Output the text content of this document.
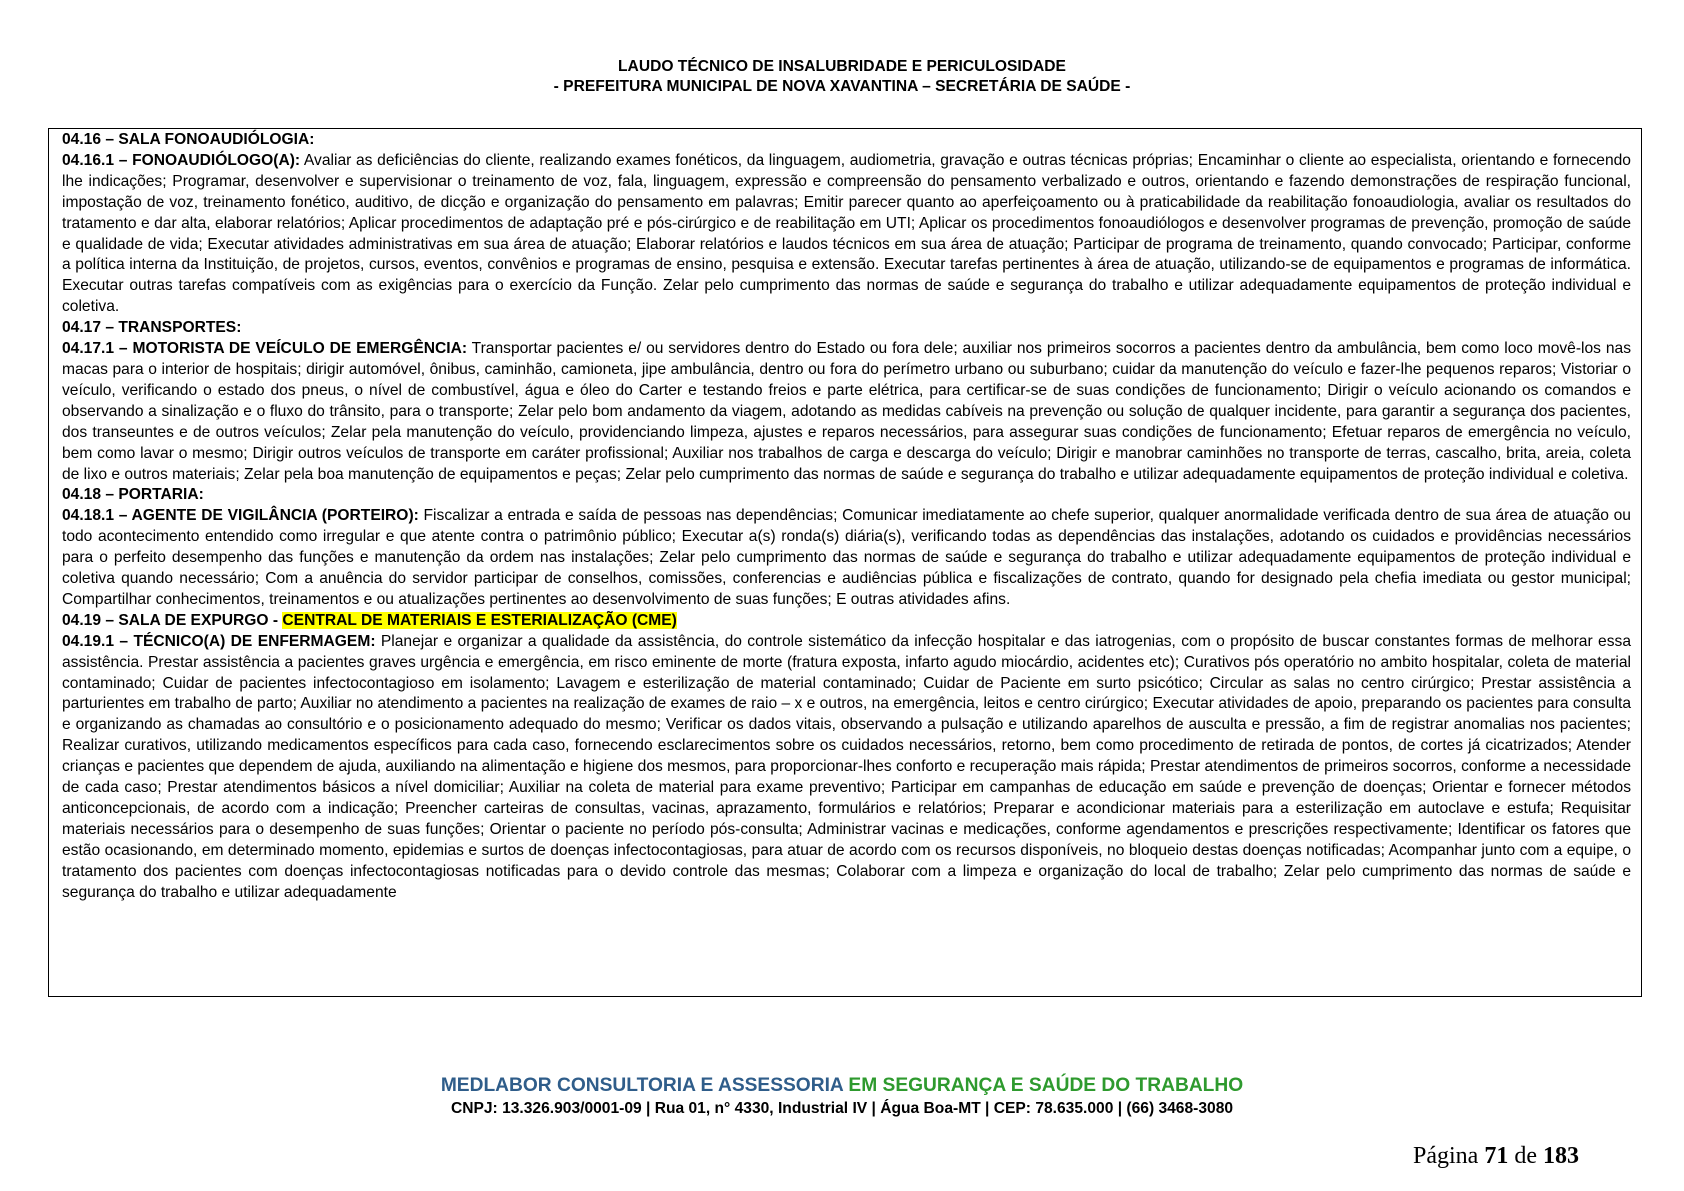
LAUDO TÉCNICO DE INSALUBRIDADE E PERICULOSIDADE
- PREFEITURA MUNICIPAL DE NOVA XAVANTINA – SECRETÁRIA DE SAÚDE -

04.16 – SALA FONOAUDIÓLOGIA:

04.16.1 – FONOAUDIÓLOGO(A): Avaliar as deficiências do cliente, realizando exames fonéticos, da linguagem, audiometria, gravação e outras técnicas próprias; Encaminhar o cliente ao especialista, orientando e fornecendo lhe indicações; Programar, desenvolver e supervisionar o treinamento de voz, fala, linguagem, expressão e compreensão do pensamento verbalizado e outros, orientando e fazendo demonstrações de respiração funcional, impostação de voz, treinamento fonético, auditivo, de dicção e organização do pensamento em palavras; Emitir parecer quanto ao aperfeiçoamento ou à praticabilidade da reabilitação fonoaudiologia, avaliar os resultados do tratamento e dar alta, elaborar relatórios; Aplicar procedimentos de adaptação pré e pós-cirúrgico e de reabilitação em UTI; Aplicar os procedimentos fonoaudiólogos e desenvolver programas de prevenção, promoção de saúde e qualidade de vida; Executar atividades administrativas em sua área de atuação; Elaborar relatórios e laudos técnicos em sua área de atuação; Participar de programa de treinamento, quando convocado; Participar, conforme a política interna da Instituição, de projetos, cursos, eventos, convênios e programas de ensino, pesquisa e extensão. Executar tarefas pertinentes à área de atuação, utilizando-se de equipamentos e programas de informática. Executar outras tarefas compatíveis com as exigências para o exercício da Função. Zelar pelo cumprimento das normas de saúde e segurança do trabalho e utilizar adequadamente equipamentos de proteção individual e coletiva.

04.17 – TRANSPORTES:

04.17.1 – MOTORISTA DE VEÍCULO DE EMERGÊNCIA: Transportar pacientes e/ ou servidores dentro do Estado ou fora dele; auxiliar nos primeiros socorros a pacientes dentro da ambulância, bem como loco movê-los nas macas para o interior de hospitais; dirigir automóvel, ônibus, caminhão, camioneta, jipe ambulância, dentro ou fora do perímetro urbano ou suburbano; cuidar da manutenção do veículo e fazer-lhe pequenos reparos; Vistoriar o veículo, verificando o estado dos pneus, o nível de combustível, água e óleo do Carter e testando freios e parte elétrica, para certificar-se de suas condições de funcionamento; Dirigir o veículo acionando os comandos e observando a sinalização e o fluxo do trânsito, para o transporte; Zelar pelo bom andamento da viagem, adotando as medidas cabíveis na prevenção ou solução de qualquer incidente, para garantir a segurança dos pacientes, dos transeuntes e de outros veículos; Zelar pela manutenção do veículo, providenciando limpeza, ajustes e reparos necessários, para assegurar suas condições de funcionamento; Efetuar reparos de emergência no veículo, bem como lavar o mesmo; Dirigir outros veículos de transporte em caráter profissional; Auxiliar nos trabalhos de carga e descarga do veículo; Dirigir e manobrar caminhões no transporte de terras, cascalho, brita, areia, coleta de lixo e outros materiais; Zelar pela boa manutenção de equipamentos e peças; Zelar pelo cumprimento das normas de saúde e segurança do trabalho e utilizar adequadamente equipamentos de proteção individual e coletiva.

04.18 – PORTARIA:

04.18.1 – AGENTE DE VIGILÂNCIA (PORTEIRO): Fiscalizar a entrada e saída de pessoas nas dependências; Comunicar imediatamente ao chefe superior, qualquer anormalidade verificada dentro de sua área de atuação ou todo acontecimento entendido como irregular e que atente contra o patrimônio público; Executar a(s) ronda(s) diária(s), verificando todas as dependências das instalações, adotando os cuidados e providências necessários para o perfeito desempenho das funções e manutenção da ordem nas instalações; Zelar pelo cumprimento das normas de saúde e segurança do trabalho e utilizar adequadamente equipamentos de proteção individual e coletiva quando necessário; Com a anuência do servidor participar de conselhos, comissões, conferencias e audiências pública e fiscalizações de contrato, quando for designado pela chefia imediata ou gestor municipal; Compartilhar conhecimentos, treinamentos e ou atualizações pertinentes ao desenvolvimento de suas funções; E outras atividades afins.

04.19 – SALA DE EXPURGO - CENTRAL DE MATERIAIS E ESTERIALIZAÇÃO (CME)

04.19.1 – TÉCNICO(A) DE ENFERMAGEM: Planejar e organizar a qualidade da assistência, do controle sistemático da infecção hospitalar e das iatrogenias, com o propósito de buscar constantes formas de melhorar essa assistência. Prestar assistência a pacientes graves urgência e emergência, em risco eminente de morte (fratura exposta, infarto agudo miocárdio, acidentes etc); Curativos pós operatório no ambito hospitalar, coleta de material contaminado; Cuidar de pacientes infectocontagioso em isolamento; Lavagem e esterilização de material contaminado; Cuidar de Paciente em surto psicótico; Circular as salas no centro cirúrgico; Prestar assistência a parturientes em trabalho de parto; Auxiliar no atendimento a pacientes na realização de exames de raio – x e outros, na emergência, leitos e centro cirúrgico; Executar atividades de apoio, preparando os pacientes para consulta e organizando as chamadas ao consultório e o posicionamento adequado do mesmo; Verificar os dados vitais, observando a pulsação e utilizando aparelhos de ausculta e pressão, a fim de registrar anomalias nos pacientes; Realizar curativos, utilizando medicamentos específicos para cada caso, fornecendo esclarecimentos sobre os cuidados necessários, retorno, bem como procedimento de retirada de pontos, de cortes já cicatrizados; Atender crianças e pacientes que dependem de ajuda, auxiliando na alimentação e higiene dos mesmos, para proporcionar-lhes conforto e recuperação mais rápida; Prestar atendimentos de primeiros socorros, conforme a necessidade de cada caso; Prestar atendimentos básicos a nível domiciliar; Auxiliar na coleta de material para exame preventivo; Participar em campanhas de educação em saúde e prevenção de doenças; Orientar e fornecer métodos anticoncepcionais, de acordo com a indicação; Preencher carteiras de consultas, vacinas, aprazamento, formulários e relatórios; Preparar e acondicionar materiais para a esterilização em autoclave e estufa; Requisitar materiais necessários para o desempenho de suas funções; Orientar o paciente no período pós-consulta; Administrar vacinas e medicações, conforme agendamentos e prescrições respectivamente; Identificar os fatores que estão ocasionando, em determinado momento, epidemias e surtos de doenças infectocontagiosas, para atuar de acordo com os recursos disponíveis, no bloqueio destas doenças notificadas; Acompanhar junto com a equipe, o tratamento dos pacientes com doenças infectocontagiosas notificadas para o devido controle das mesmas; Colaborar com a limpeza e organização do local de trabalho; Zelar pelo cumprimento das normas de saúde e segurança do trabalho e utilizar adequadamente

MEDLABOR CONSULTORIA E ASSESSORIA EM SEGURANÇA E SAÚDE DO TRABALHO
CNPJ: 13.326.903/0001-09 | Rua 01, n° 4330, Industrial IV | Água Boa-MT | CEP: 78.635.000 | (66) 3468-3080
Página 71 de 183
